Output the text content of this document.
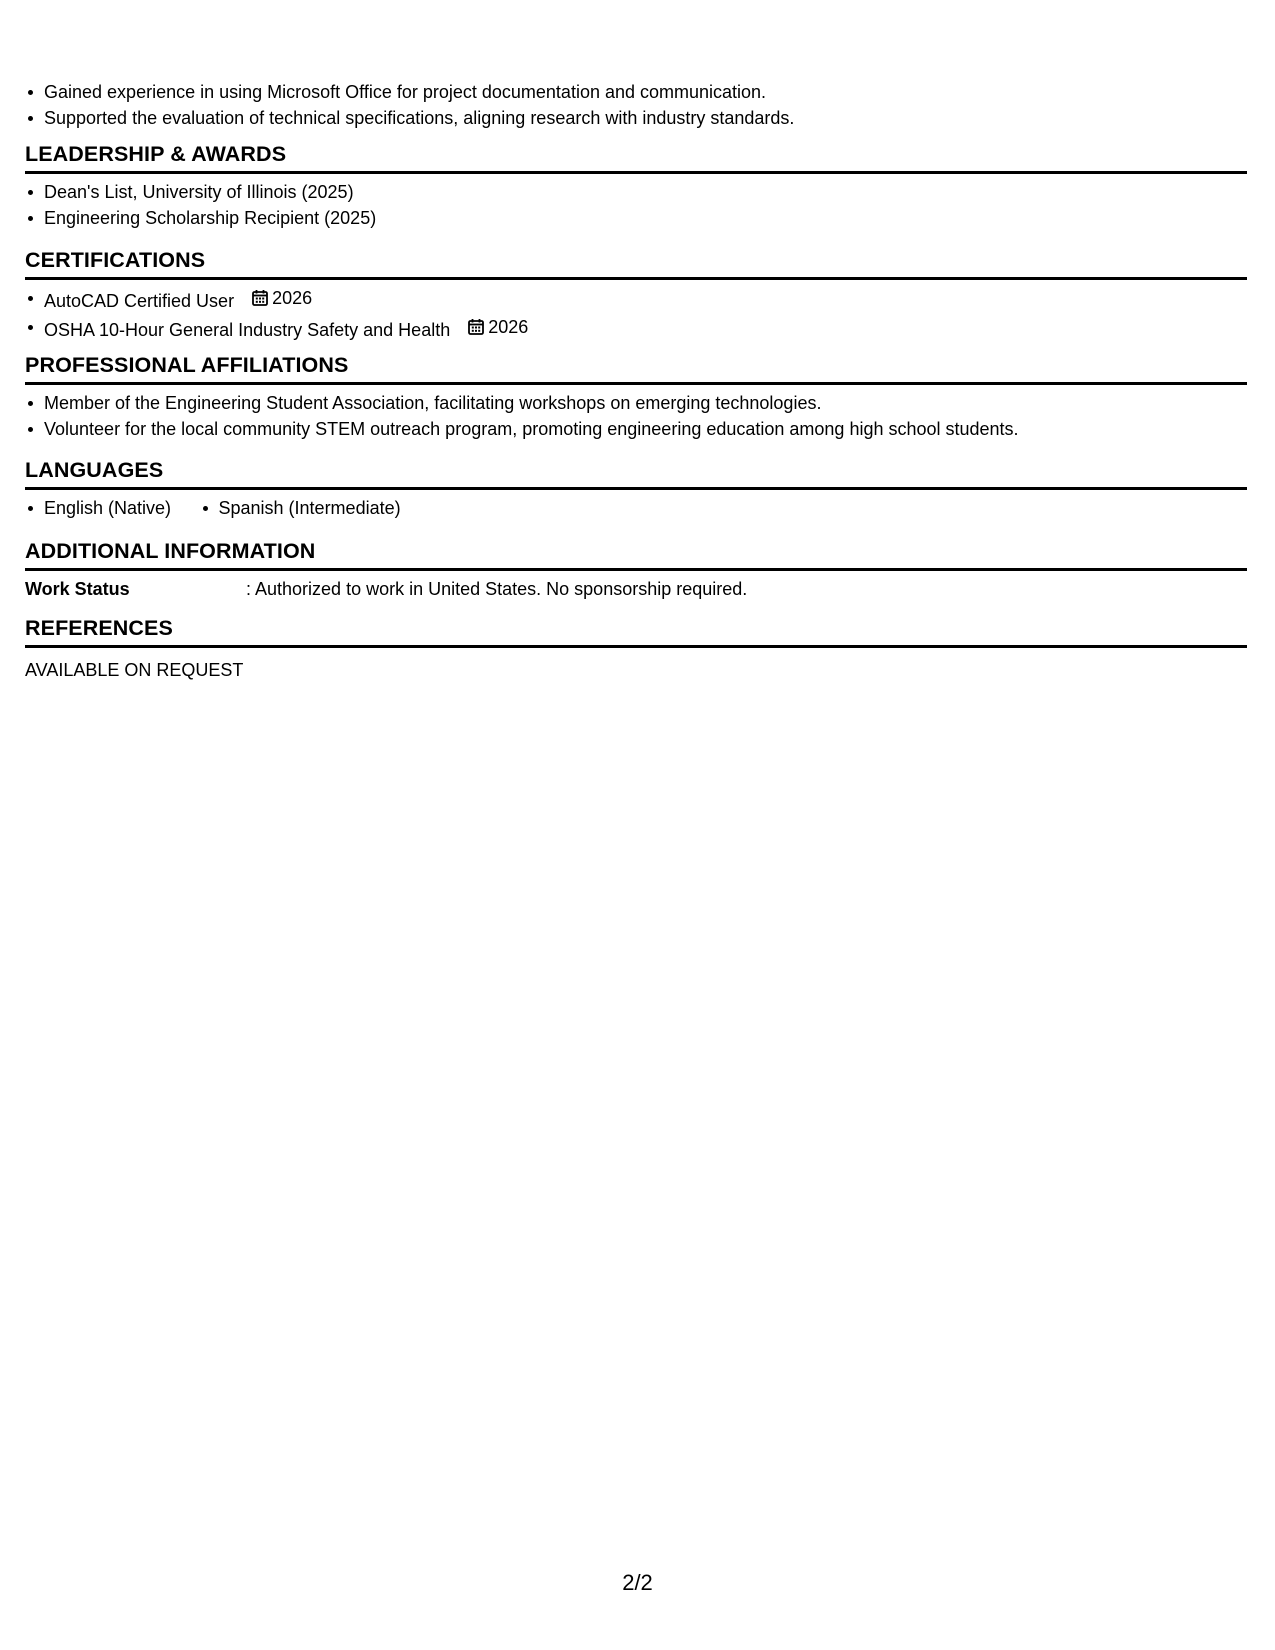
Gained experience in using Microsoft Office for project documentation and communication.
Supported the evaluation of technical specifications, aligning research with industry standards.
LEADERSHIP & AWARDS
Dean's List, University of Illinois (2025)
Engineering Scholarship Recipient (2025)
CERTIFICATIONS
AutoCAD Certified User 2026
OSHA 10-Hour General Industry Safety and Health 2026
PROFESSIONAL AFFILIATIONS
Member of the Engineering Student Association, facilitating workshops on emerging technologies.
Volunteer for the local community STEM outreach program, promoting engineering education among high school students.
LANGUAGES
English (Native)	Spanish (Intermediate)
ADDITIONAL INFORMATION
Work Status	: Authorized to work in United States. No sponsorship required.
REFERENCES
AVAILABLE ON REQUEST
2/2
